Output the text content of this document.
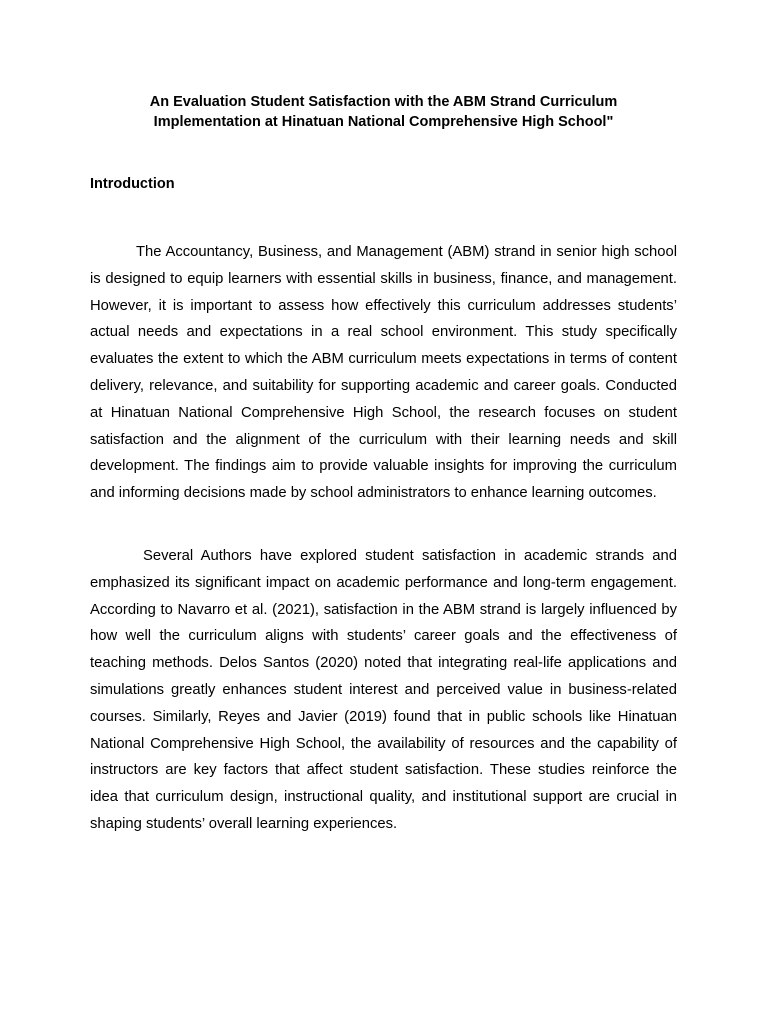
An Evaluation Student Satisfaction with the ABM Strand Curriculum
Implementation at Hinatuan National Comprehensive High School"
Introduction

The Accountancy, Business, and Management (ABM) strand in senior high school is designed to equip learners with essential skills in business, finance, and management. However, it is important to assess how effectively this curriculum addresses students’ actual needs and expectations in a real school environment. This study specifically evaluates the extent to which the ABM curriculum meets expectations in terms of content delivery, relevance, and suitability for supporting academic and career goals. Conducted at Hinatuan National Comprehensive High School, the research focuses on student satisfaction and the alignment of the curriculum with their learning needs and skill development. The findings aim to provide valuable insights for improving the curriculum and informing decisions made by school administrators to enhance learning outcomes.

Several Authors have explored student satisfaction in academic strands and emphasized its significant impact on academic performance and long-term engagement. According to Navarro et al. (2021), satisfaction in the ABM strand is largely influenced by how well the curriculum aligns with students’ career goals and the effectiveness of teaching methods. Delos Santos (2020) noted that integrating real-life applications and simulations greatly enhances student interest and perceived value in business-related courses. Similarly, Reyes and Javier (2019) found that in public schools like Hinatuan National Comprehensive High School, the availability of resources and the capability of instructors are key factors that affect student satisfaction. These studies reinforce the idea that curriculum design, instructional quality, and institutional support are crucial in shaping students’ overall learning experiences.
